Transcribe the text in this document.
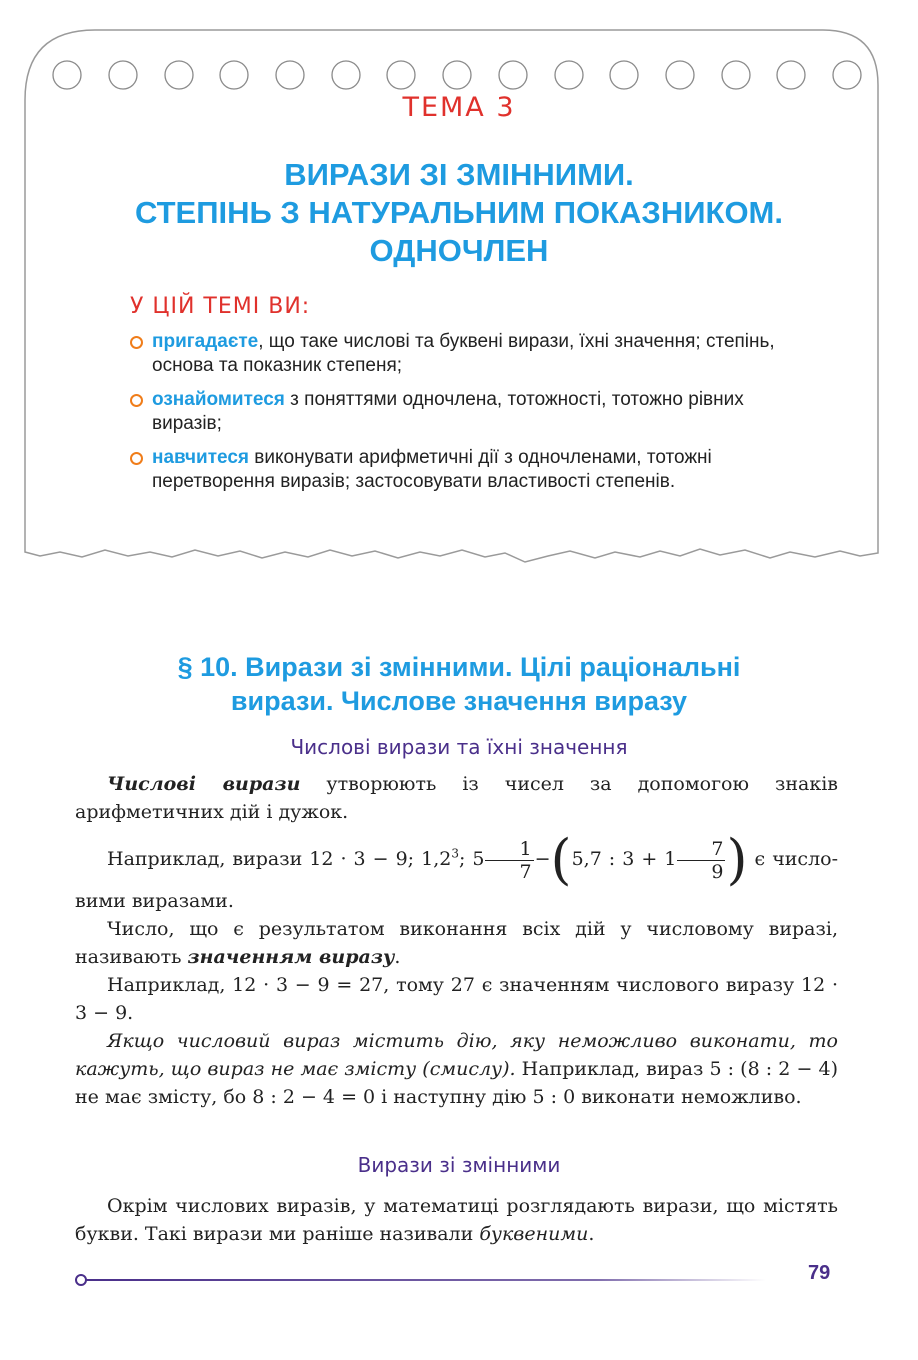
ТЕМА 3
ВИРАЗИ ЗІ ЗМІННИМИ.
СТЕПІНЬ З НАТУРАЛЬНИМ ПОКАЗНИКОМ.
ОДНОЧЛЕН
У ЦІЙ ТЕМІ ВИ:
пригадаєте, що таке числові та буквені вирази, їхні значення; степінь, основа та показник степеня;
ознайомитеся з поняттями одночлена, тотожності, тотожно рівних виразів;
навчитеся виконувати арифметичні дії з одночленами, тотожні перетворення виразів; застосовувати властивості степенів.
§ 10. Вирази зі змінними. Цілі раціональні
вирази. Числове значення виразу
Числові вирази та їхні значення

Числові вирази утворюють із чисел за допомогою знаків арифметичних дій і дужок.

Наприклад, вирази 12 · 3 − 9; $1,2^3$; $5 \frac{1}{7} -(5,7$ : $3 + 1 \frac{7}{9}$ ) є числовими виразами.

Число, що є результатом виконання всіх дій у числовому виразі, називають значенням виразу.

Наприклад, 12 · 3 − 9 = 27, тому 27 є значенням числового виразу 12 · 3 − 9.

Якщо числовий вираз містить дію, яку неможливо виконати, то кажуть, що вираз не має змісту (смислу). Наприклад, вираз 5 : (8 : 2 − 4) не має змісту, бо 8 : 2 − 4 = 0 і наступну дію 5 : 0 виконати неможливо.

Вирази зі змінними

Окрім числових виразів, у математиці розглядають вирази, що містять букви. Такі вирази ми раніше називали буквеними.

79
